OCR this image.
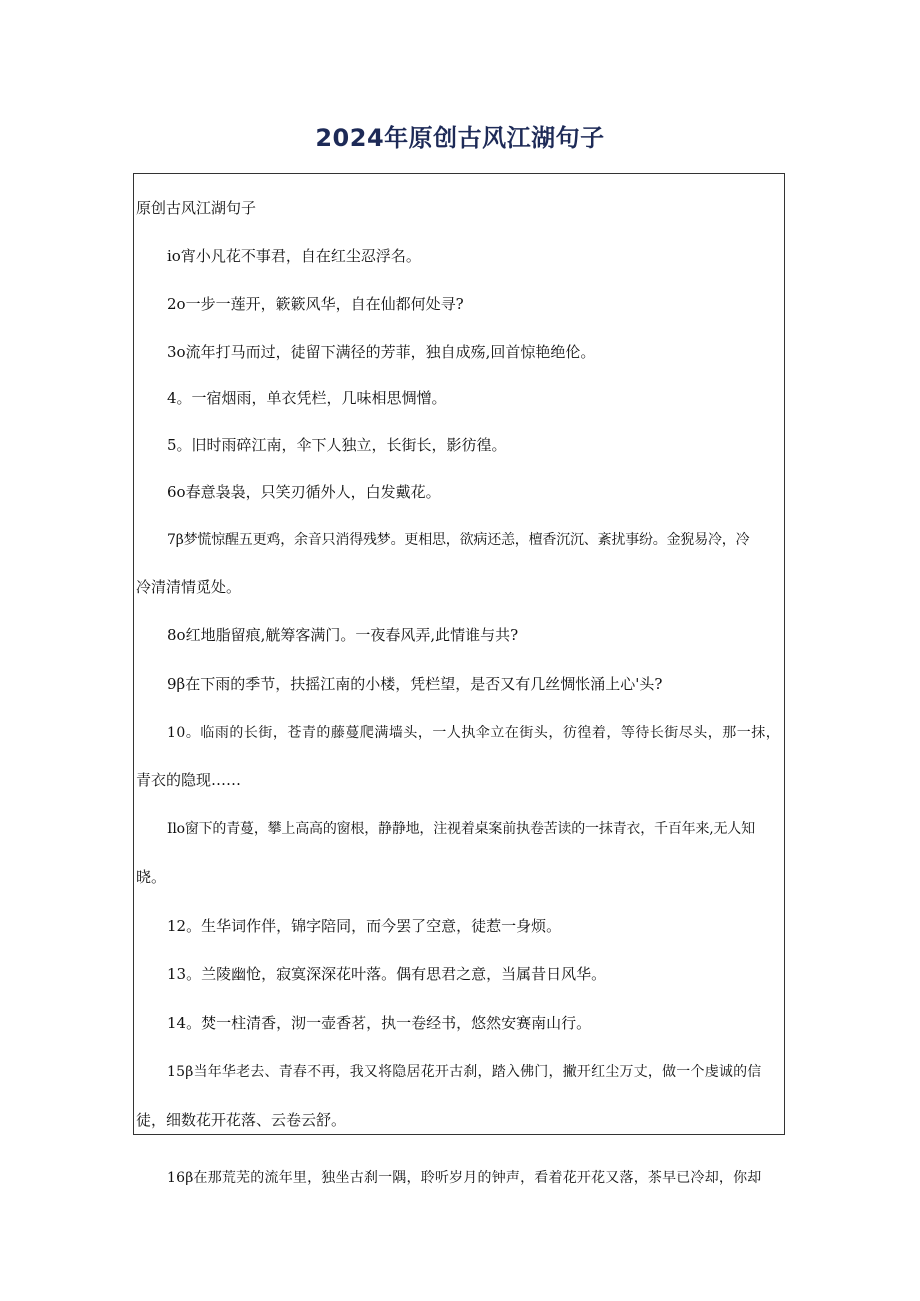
2024年原创古风江湖句子
原创古风江湖句子
io宵小凡花不事君，自在红尘忍浮名。
2o一步一莲开，簌簌风华，自在仙都何处寻?
3o流年打马而过，徒留下满径的芳菲，独自成殇,回首惊艳绝伦。
4。一宿烟雨，单衣凭栏，几味相思惆憎。
5。旧时雨碎江南，伞下人独立，长街长，影彷徨。
6o春意袅袅，只笑刃循外人，白发戴花。
7β梦慌惊醒五更鸡，余音只消得残梦。更相思，欲病还恙，檀香沉沉、紊扰事纷。金猊易冷，冷
冷清清情觅处。
8o红地脂留痕,觥筹客满门。一夜春风弄,此情谁与共?
9β在下雨的季节，扶摇江南的小楼，凭栏望，是否又有几丝惆怅涌上心'头?
10。临雨的长街，苍青的藤蔓爬满墙头，一人执伞立在街头，彷徨着，等待长街尽头，那一抹，
青衣的隐现……
Ilo窗下的青蔓，攀上高高的窗根，静静地，注视着桌案前执卷苦读的一抹青衣，千百年来,无人知
晓。
12。生华词作伴，锦字陪同，而今罢了空意，徒惹一身烦。
13。兰陵幽怆，寂寞深深花叶落。偶有思君之意，当属昔日风华。
14。焚一柱清香，沏一壶香茗，执一卷经书，悠然安赛南山行。
15β当年华老去、青春不再，我又将隐居花开古刹，踏入佛门，撇开红尘万丈，做一个虔诚的信
徒，细数花开花落、云卷云舒。
16β在那荒芜的流年里，独坐古刹一隅，聆听岁月的钟声，看着花开花又落，茶早已冷却，你却
